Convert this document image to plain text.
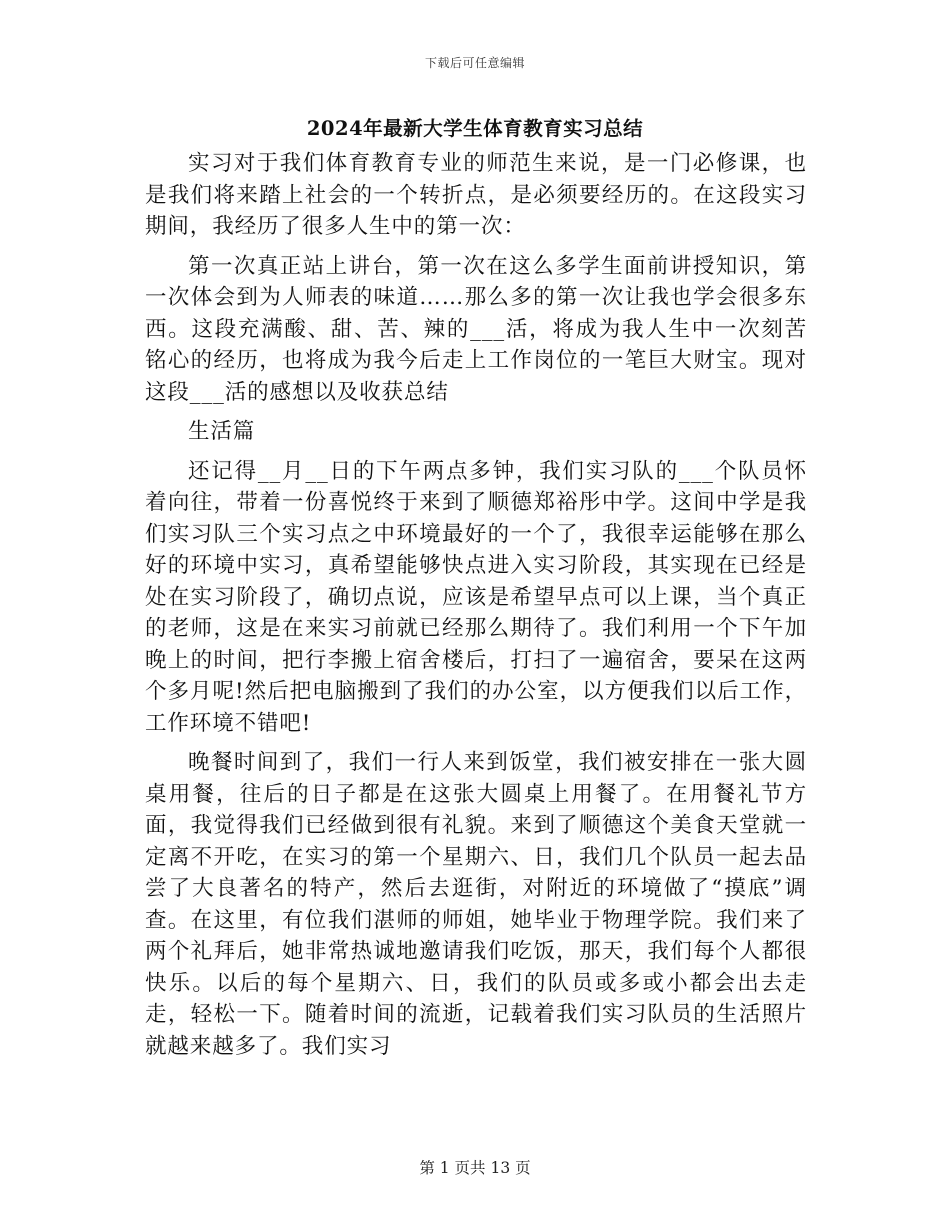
下载后可任意编辑
2024年最新大学生体育教育实习总结

实习对于我们体育教育专业的师范生来说，是一门必修课，也是我们将来踏上社会的一个转折点，是必须要经历的。在这段实习期间，我经历了很多人生中的第一次：

第一次真正站上讲台，第一次在这么多学生面前讲授知识，第一次体会到为人师表的味道……那么多的第一次让我也学会很多东西。这段充满酸、甜、苦、辣的___活，将成为我人生中一次刻苦铭心的经历，也将成为我今后走上工作岗位的一笔巨大财宝。现对这段___活的感想以及收获总结

生活篇

还记得__月__日的下午两点多钟，我们实习队的___个队员怀着向往，带着一份喜悦终于来到了顺德郑裕彤中学。这间中学是我们实习队三个实习点之中环境最好的一个了，我很幸运能够在那么好的环境中实习，真希望能够快点进入实习阶段，其实现在已经是处在实习阶段了，确切点说，应该是希望早点可以上课，当个真正的老师，这是在来实习前就已经那么期待了。我们利用一个下午加晚上的时间，把行李搬上宿舍楼后，打扫了一遍宿舍，要呆在这两个多月呢!然后把电脑搬到了我们的办公室，以方便我们以后工作，工作环境不错吧!

晚餐时间到了，我们一行人来到饭堂，我们被安排在一张大圆桌用餐，往后的日子都是在这张大圆桌上用餐了。在用餐礼节方面，我觉得我们已经做到很有礼貌。来到了顺德这个美食天堂就一定离不开吃，在实习的第一个星期六、日，我们几个队员一起去品尝了大良著名的特产，然后去逛街，对附近的环境做了“摸底”调查。在这里，有位我们湛师的师姐，她毕业于物理学院。我们来了两个礼拜后，她非常热诚地邀请我们吃饭，那天，我们每个人都很快乐。以后的每个星期六、日，我们的队员或多或小都会出去走走，轻松一下。随着时间的流逝，记载着我们实习队员的生活照片就越来越多了。我们实习

第 1 页共 13 页
